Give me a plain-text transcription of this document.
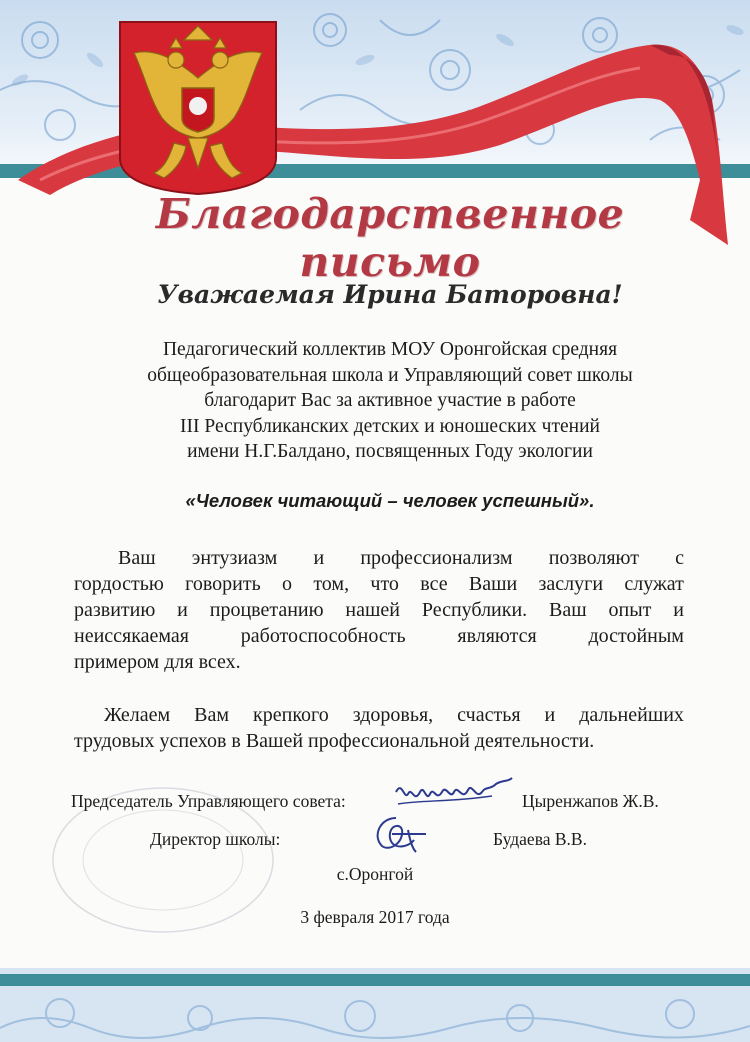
Благодарственное письмо
Уважаемая Ирина Баторовна!
Педагогический коллектив МОУ Оронгойская средняя
общеобразовательная школа и Управляющий совет школы
благодарит Вас за активное участие в работе
III Республиканских детских и юношеских чтений
имени Н.Г.Балдано, посвященных Году экологии
«Человек читающий – человек успешный».
Ваш энтузиазм и профессионализм позволяют с
гордостью говорить о том, что все Ваши заслуги служат
развитию и процветанию нашей Республики. Ваш опыт и
неиссякаемая	работоспособность	являются	достойным
примером для всех.
Желаем Вам крепкого здоровья, счастья и дальнейших
трудовых успехов в Вашей профессиональной деятельности.
Председатель Управляющего совета:	Цыренжапов Ж.В.
Директор школы:	Будаева В.В.
с.Оронгой
3 февраля 2017 года
